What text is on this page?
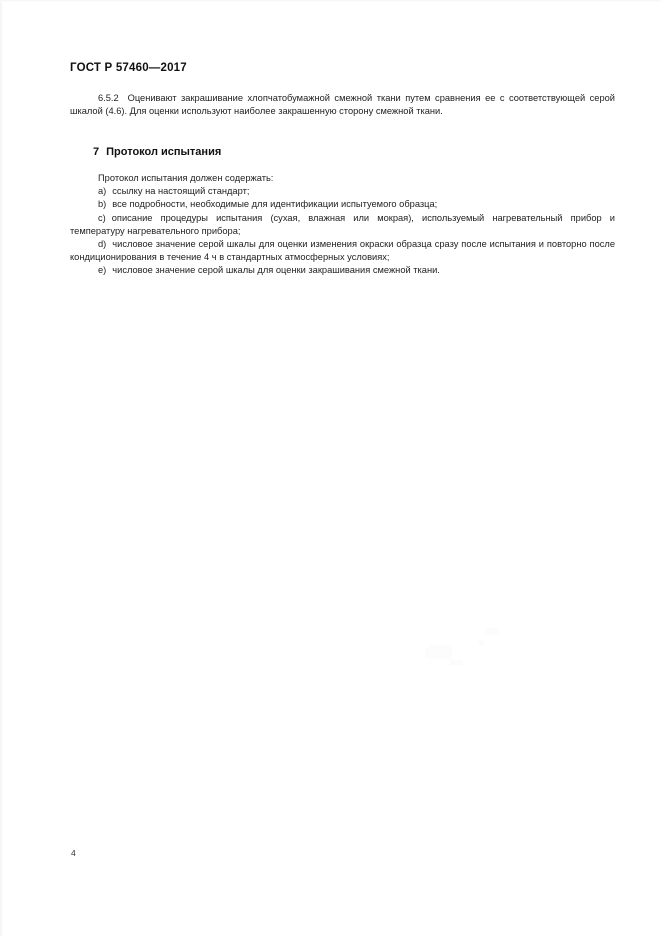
ГОСТ Р 57460—2017

6.5.2 Оценивают закрашивание хлопчатобумажной смежной ткани путем сравнения ее с соответствующей серой шкалой (4.6). Для оценки используют наиболее закрашенную сторону смежной ткани.

7 Протокол испытания

Протокол испытания должен содержать:

a) ссылку на настоящий стандарт;

b) все подробности, необходимые для идентификации испытуемого образца;

c) описание процедуры испытания (сухая, влажная или мокрая), используемый нагревательный прибор и температуру нагревательного прибора;

d) числовое значение серой шкалы для оценки изменения окраски образца сразу после испытания и повторно после кондиционирования в течение 4 ч в стандартных атмосферных условиях;

e) числовое значение серой шкалы для оценки закрашивания смежной ткани.

4
